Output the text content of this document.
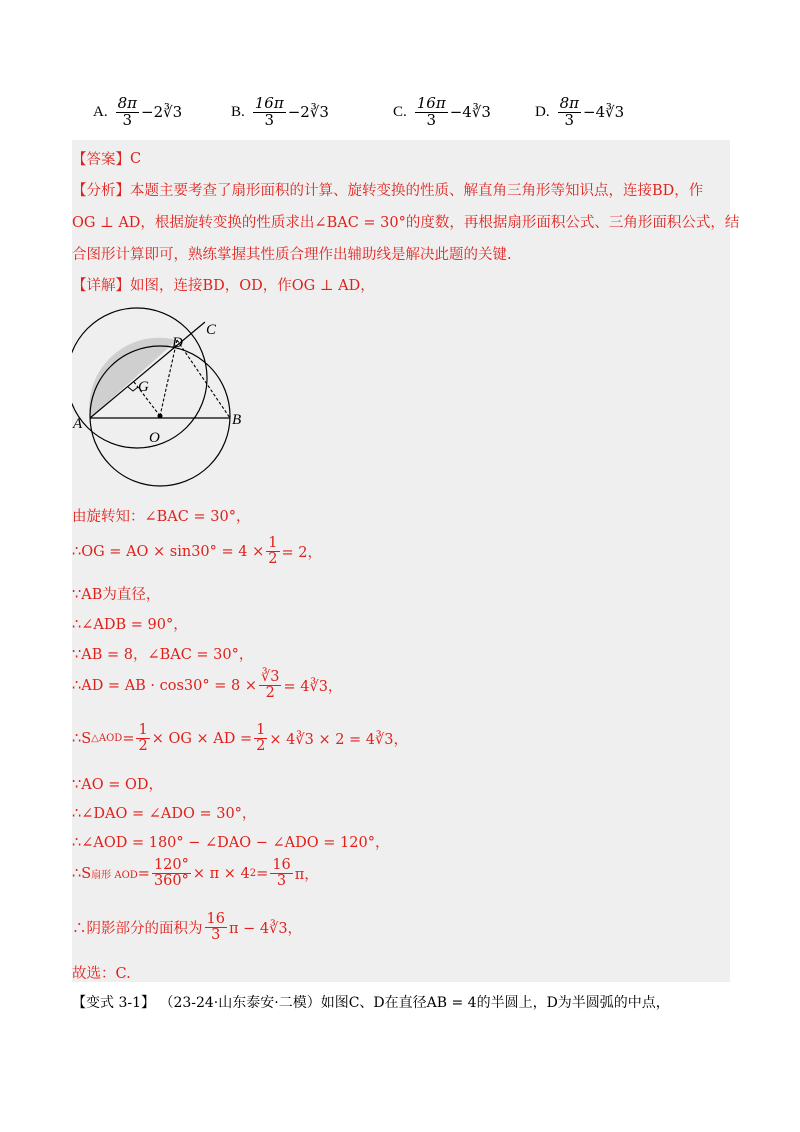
A. $\frac{8\pi}{3}$ −2∛3	B. $\frac{16\pi}{3}$ −2∛3	C. $\frac{16\pi}{3}$ −4∛3	D. $\frac{8\pi}{3}$ −4∛3
【答案】 C
【分析】 本题主要考查了扇形面积的计算、旋转变换的性质、解直角三角形等知识点，连接BD，作
OG ⊥ AD，根据旋转变换的性质求出∠BAC = 30°的度数，再根据扇形面积公式、三角形面积公式，结
合图形计算即可，熟练掌握其性质合理作出辅助线是解决此题的关键.
【详解】 如图，连接BD，OD，作OG ⊥ AD，
A	B
C
D
G
O
由旋转知：∠BAC = 30°，
∴OG = AO × $\sin 30^\circ = 4 \times \frac{1}{2} = 2$，
∵AB为直径，
∴∠ADB = 90°，
∵AB = 8，∠BAC = 30°，
∴AD = AB · $\cos 30^\circ = 8 \times \frac{∛3}{2}$ = 4∛3，
∴S △AOD = $\frac{1}{2}$ × OG × AD = $\frac{1}{2}$ × 4∛3 × 2 = 4∛3，
∵AO = OD，
∴∠DAO = ∠ADO = 30°，
∴∠AOD = 180° − ∠DAO − ∠ADO = 120°，
∴S 扇形 AOD = $\frac{120^\circ}{360^\circ} \times \pi \times 4$ $2 = \frac{16}{3}$ π，
∴阴影部分的面积为 $\frac{16}{3}$ π − 4∛3，
故选：C.
【变式 3-1】 （23-24·山东泰安·二模）如图C、D在直径AB = 4的半圆上，D为半圆弧的中点，
